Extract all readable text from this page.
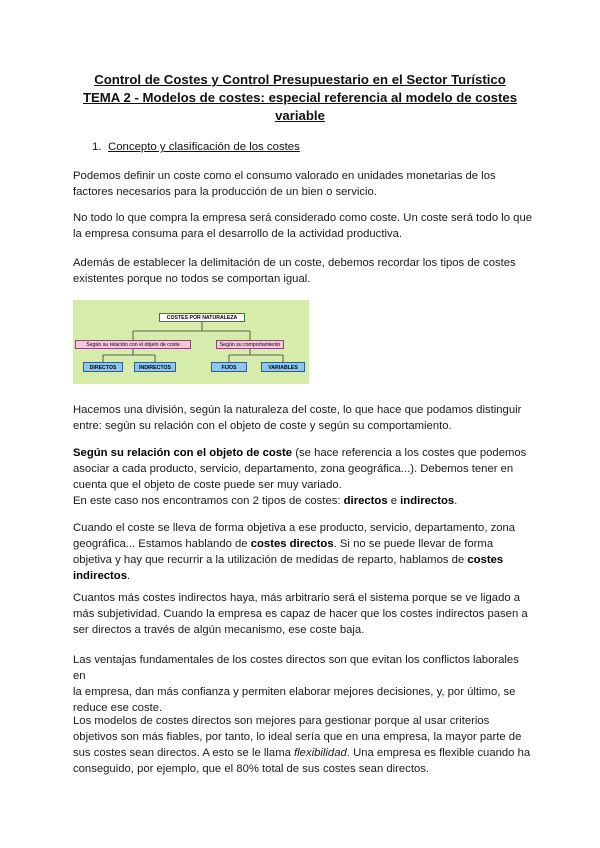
Control de Costes y Control Presupuestario en el Sector Turístico
TEMA 2 - Modelos de costes: especial referencia al modelo de costes
variable
1. Concepto y clasificación de los costes
Podemos definir un coste como el consumo valorado en unidades monetarias de los
factores necesarios para la producción de un bien o servicio.
No todo lo que compra la empresa será considerado como coste. Un coste será todo lo que
la empresa consuma para el desarrollo de la actividad productiva.
Además de establecer la delimitación de un coste, debemos recordar los tipos de costes
existentes porque no todos se comportan igual.
COSTES POR NATURALEZA
Según su relación con el objeto de coste	Según su comportamiento
DIRECTOS	INDIRECTOS	FIJOS	VARIABLES
Hacemos una división, según la naturaleza del coste, lo que hace que podamos distinguir
entre: según su relación con el objeto de coste y según su comportamiento.
Según su relación con el objeto de coste (se hace referencia a los costes que podemos
asociar a cada producto, servicio, departamento, zona geográfica...). Debemos tener en
cuenta que el objeto de coste puede ser muy variado.
En este caso nos encontramos con 2 tipos de costes: directos e indirectos.
Cuando el coste se lleva de forma objetiva a ese producto, servicio, departamento, zona
geográfica... Estamos hablando de costes directos. Si no se puede llevar de forma
objetiva y hay que recurrir a la utilización de medidas de reparto, hablamos de costes
indirectos.
Cuantos más costes indirectos haya, más arbitrario será el sistema porque se ve ligado a
más subjetividad. Cuando la empresa es capaz de hacer que los costes indirectos pasen a
ser directos a través de algún mecanismo, ese coste baja.
Las ventajas fundamentales de los costes directos son que evitan los conflictos laborales en
la empresa, dan más confianza y permiten elaborar mejores decisiones, y, por último, se
reduce ese coste.
Los modelos de costes directos son mejores para gestionar porque al usar criterios
objetivos son más fiables, por tanto, lo ideal sería que en una empresa, la mayor parte de
sus costes sean directos. A esto se le llama flexibilidad. Una empresa es flexible cuando ha
conseguido, por ejemplo, que el 80% total de sus costes sean directos.
